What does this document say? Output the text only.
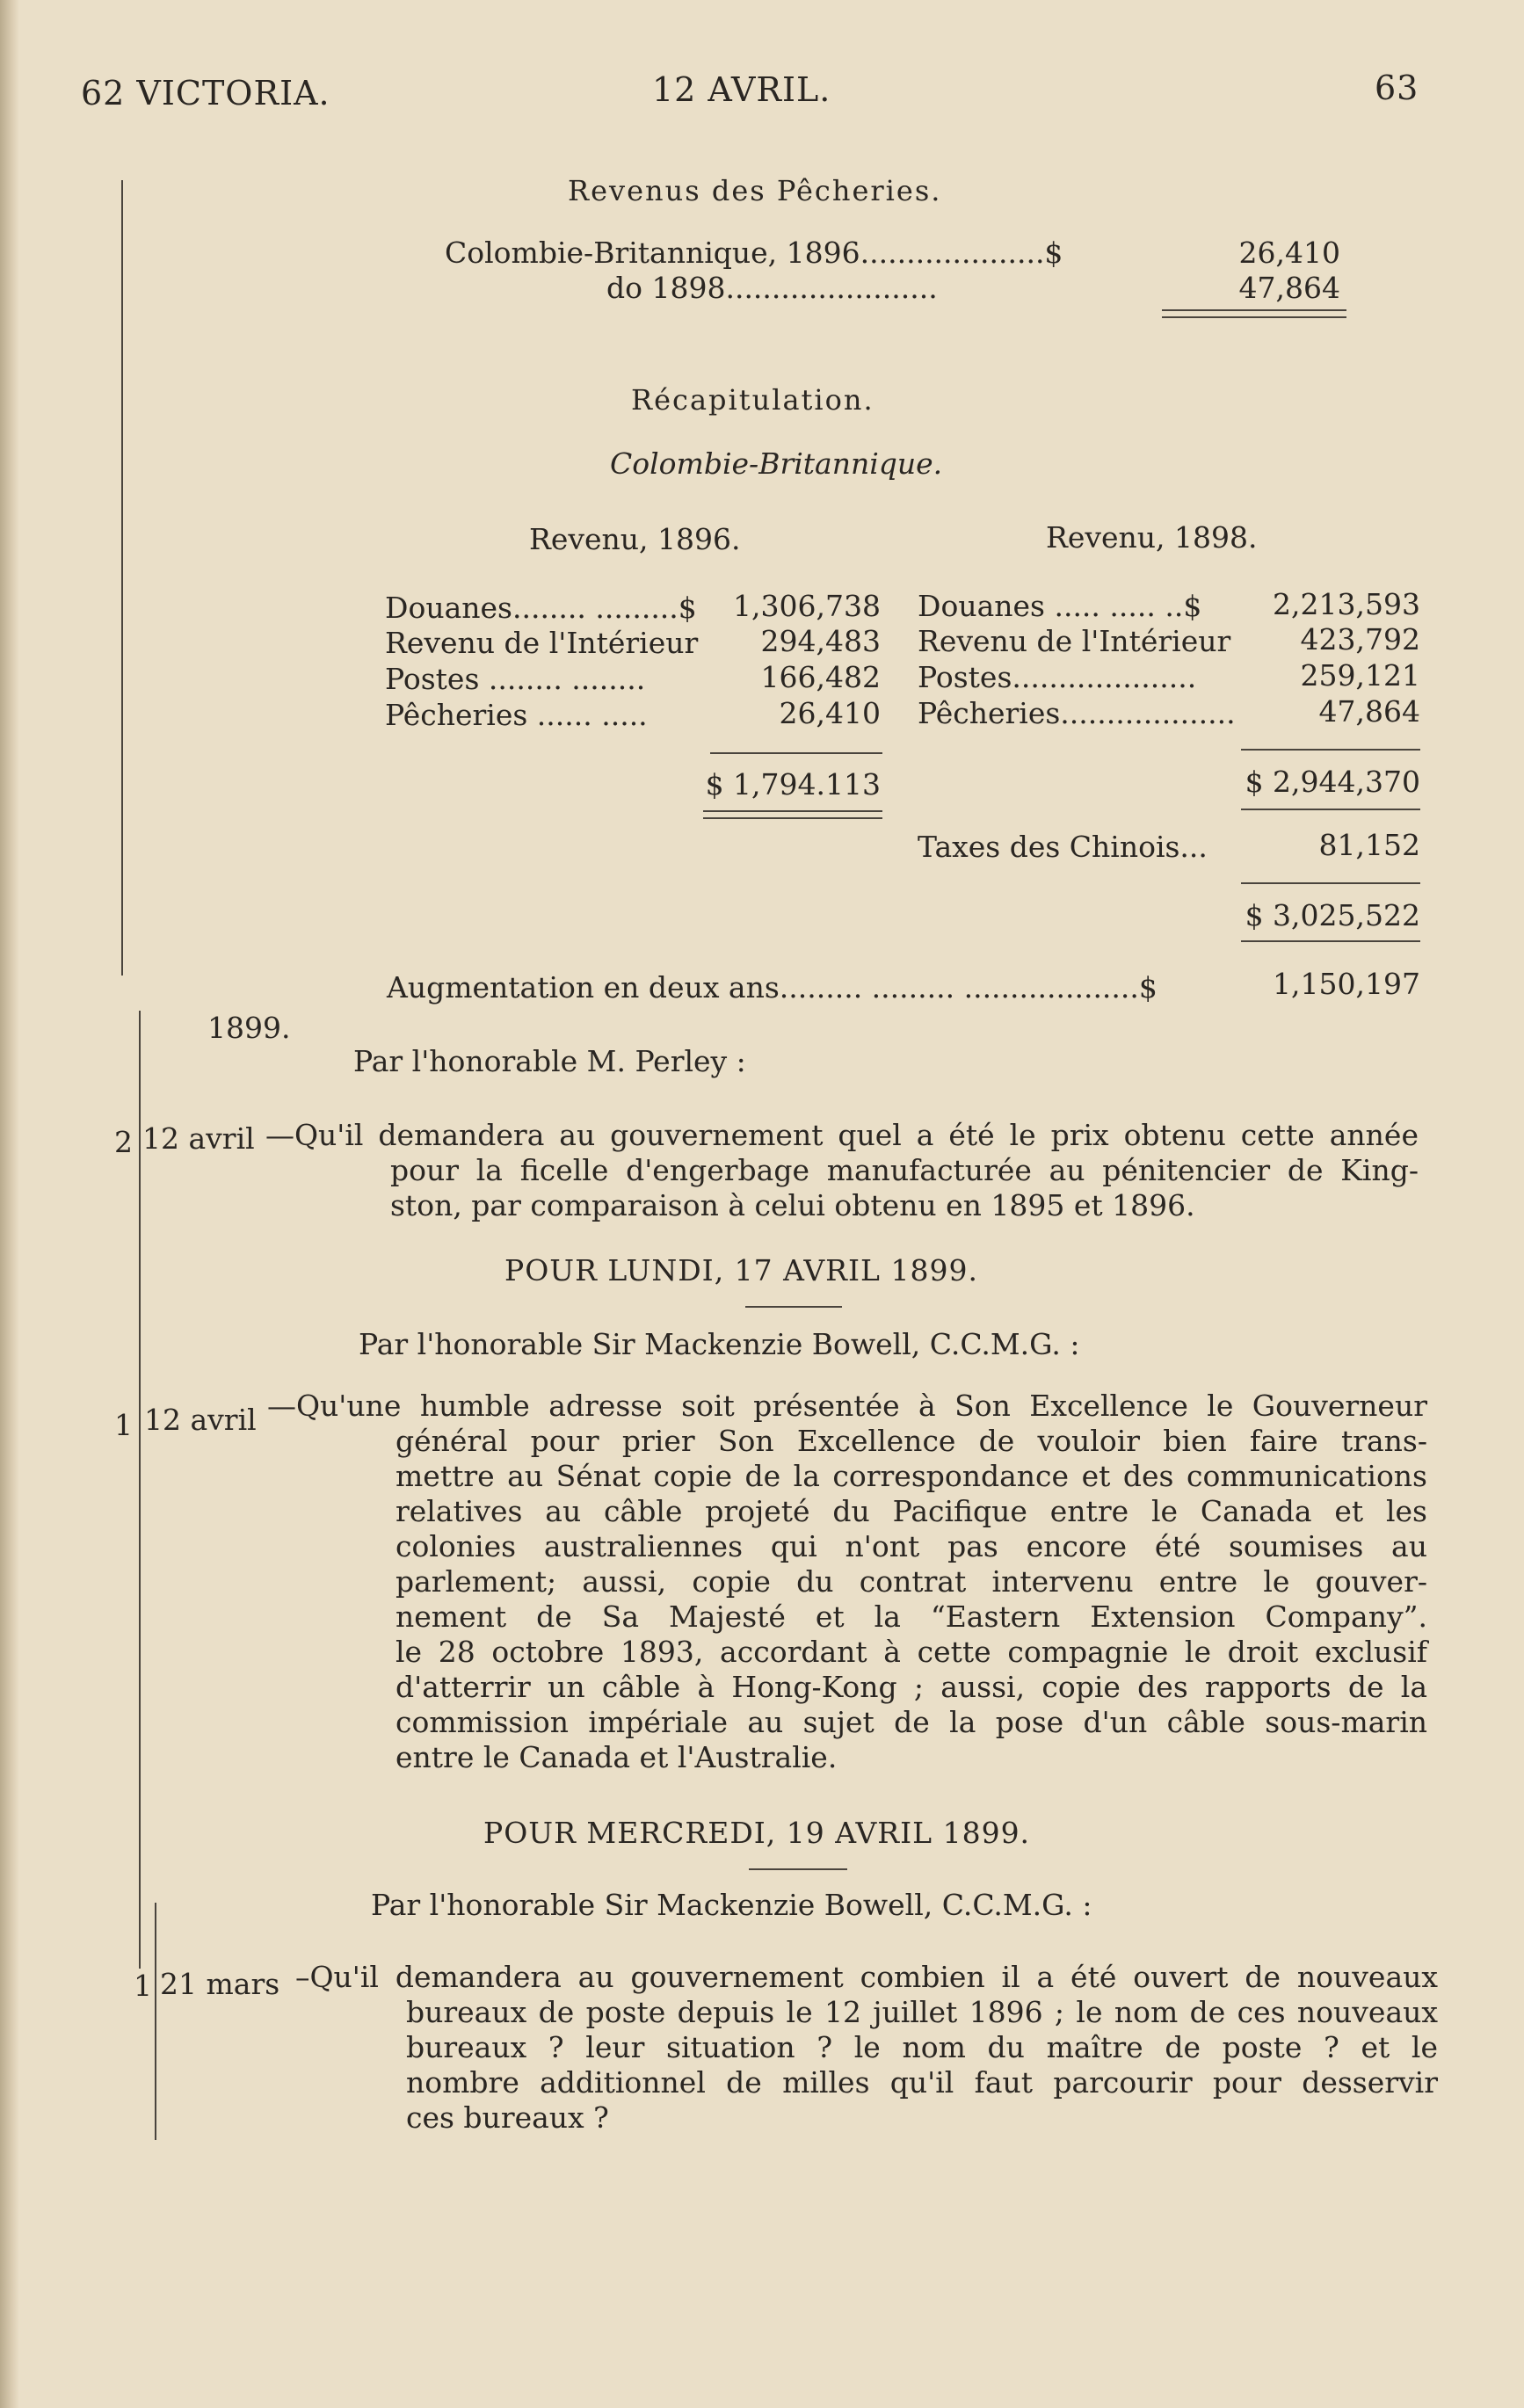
62 VICTORIA.	12 AVRIL.	63
Revenus des Pêcheries.
Colombie-Britannique, 1896....................$	26,410
do 1898.......................	47,864
Récapitulation.
Colombie-Britannique.
Revenu, 1896.	Revenu, 1898.
Douanes........ .........$ 1,306,738
Revenu de l'Intérieur	294,483
Postes ........ ........	166,482
Pêcheries ...... .....	26,410
$ 1,794.113
Douanes ..... ..... ..$	2,213,593
Revenu de l'Intérieur	423,792
Postes....................	259,121
Pêcheries...................	47,864
$ 2,944,370
Taxes des Chinois...	81,152
$ 3,025,522
Augmentation en deux ans......... ......... ...................$	1,150,197
1899.
Par l'honorable M. Perley :
2 12 avril —Qu'il demandera au gouvernement quel a été le prix obtenu cette année
pour la ficelle d'engerbage manufacturée au pénitencier de King-
ston, par comparaison à celui obtenu en 1895 et 1896.
POUR LUNDI, 17 AVRIL 1899.
Par l'honorable Sir Mackenzie Bowell, C.C.M.G. :
1 12 avril —Qu'une humble adresse soit présentée à Son Excellence le Gouverneur
général pour prier Son Excellence de vouloir bien faire trans-
mettre au Sénat copie de la correspondance et des communications
relatives au câble projeté du Pacifique entre le Canada et les
colonies australiennes qui n'ont pas encore été soumises au
parlement; aussi, copie du contrat intervenu entre le gouver-
nement de Sa Majesté et la “Eastern Extension Company”.
le 28 octobre 1893, accordant à cette compagnie le droit exclusif
d'atterrir un câble à Hong-Kong ; aussi, copie des rapports de la
commission impériale au sujet de la pose d'un câble sous-marin
entre le Canada et l'Australie.
POUR MERCREDI, 19 AVRIL 1899.
Par l'honorable Sir Mackenzie Bowell, C.C.M.G. :
1 21 mars –Qu'il demandera au gouvernement combien il a été ouvert de nouveaux
bureaux de poste depuis le 12 juillet 1896 ; le nom de ces nouveaux
bureaux ? leur situation ? le nom du maître de poste ? et le
nombre additionnel de milles qu'il faut parcourir pour desservir
ces bureaux ?
